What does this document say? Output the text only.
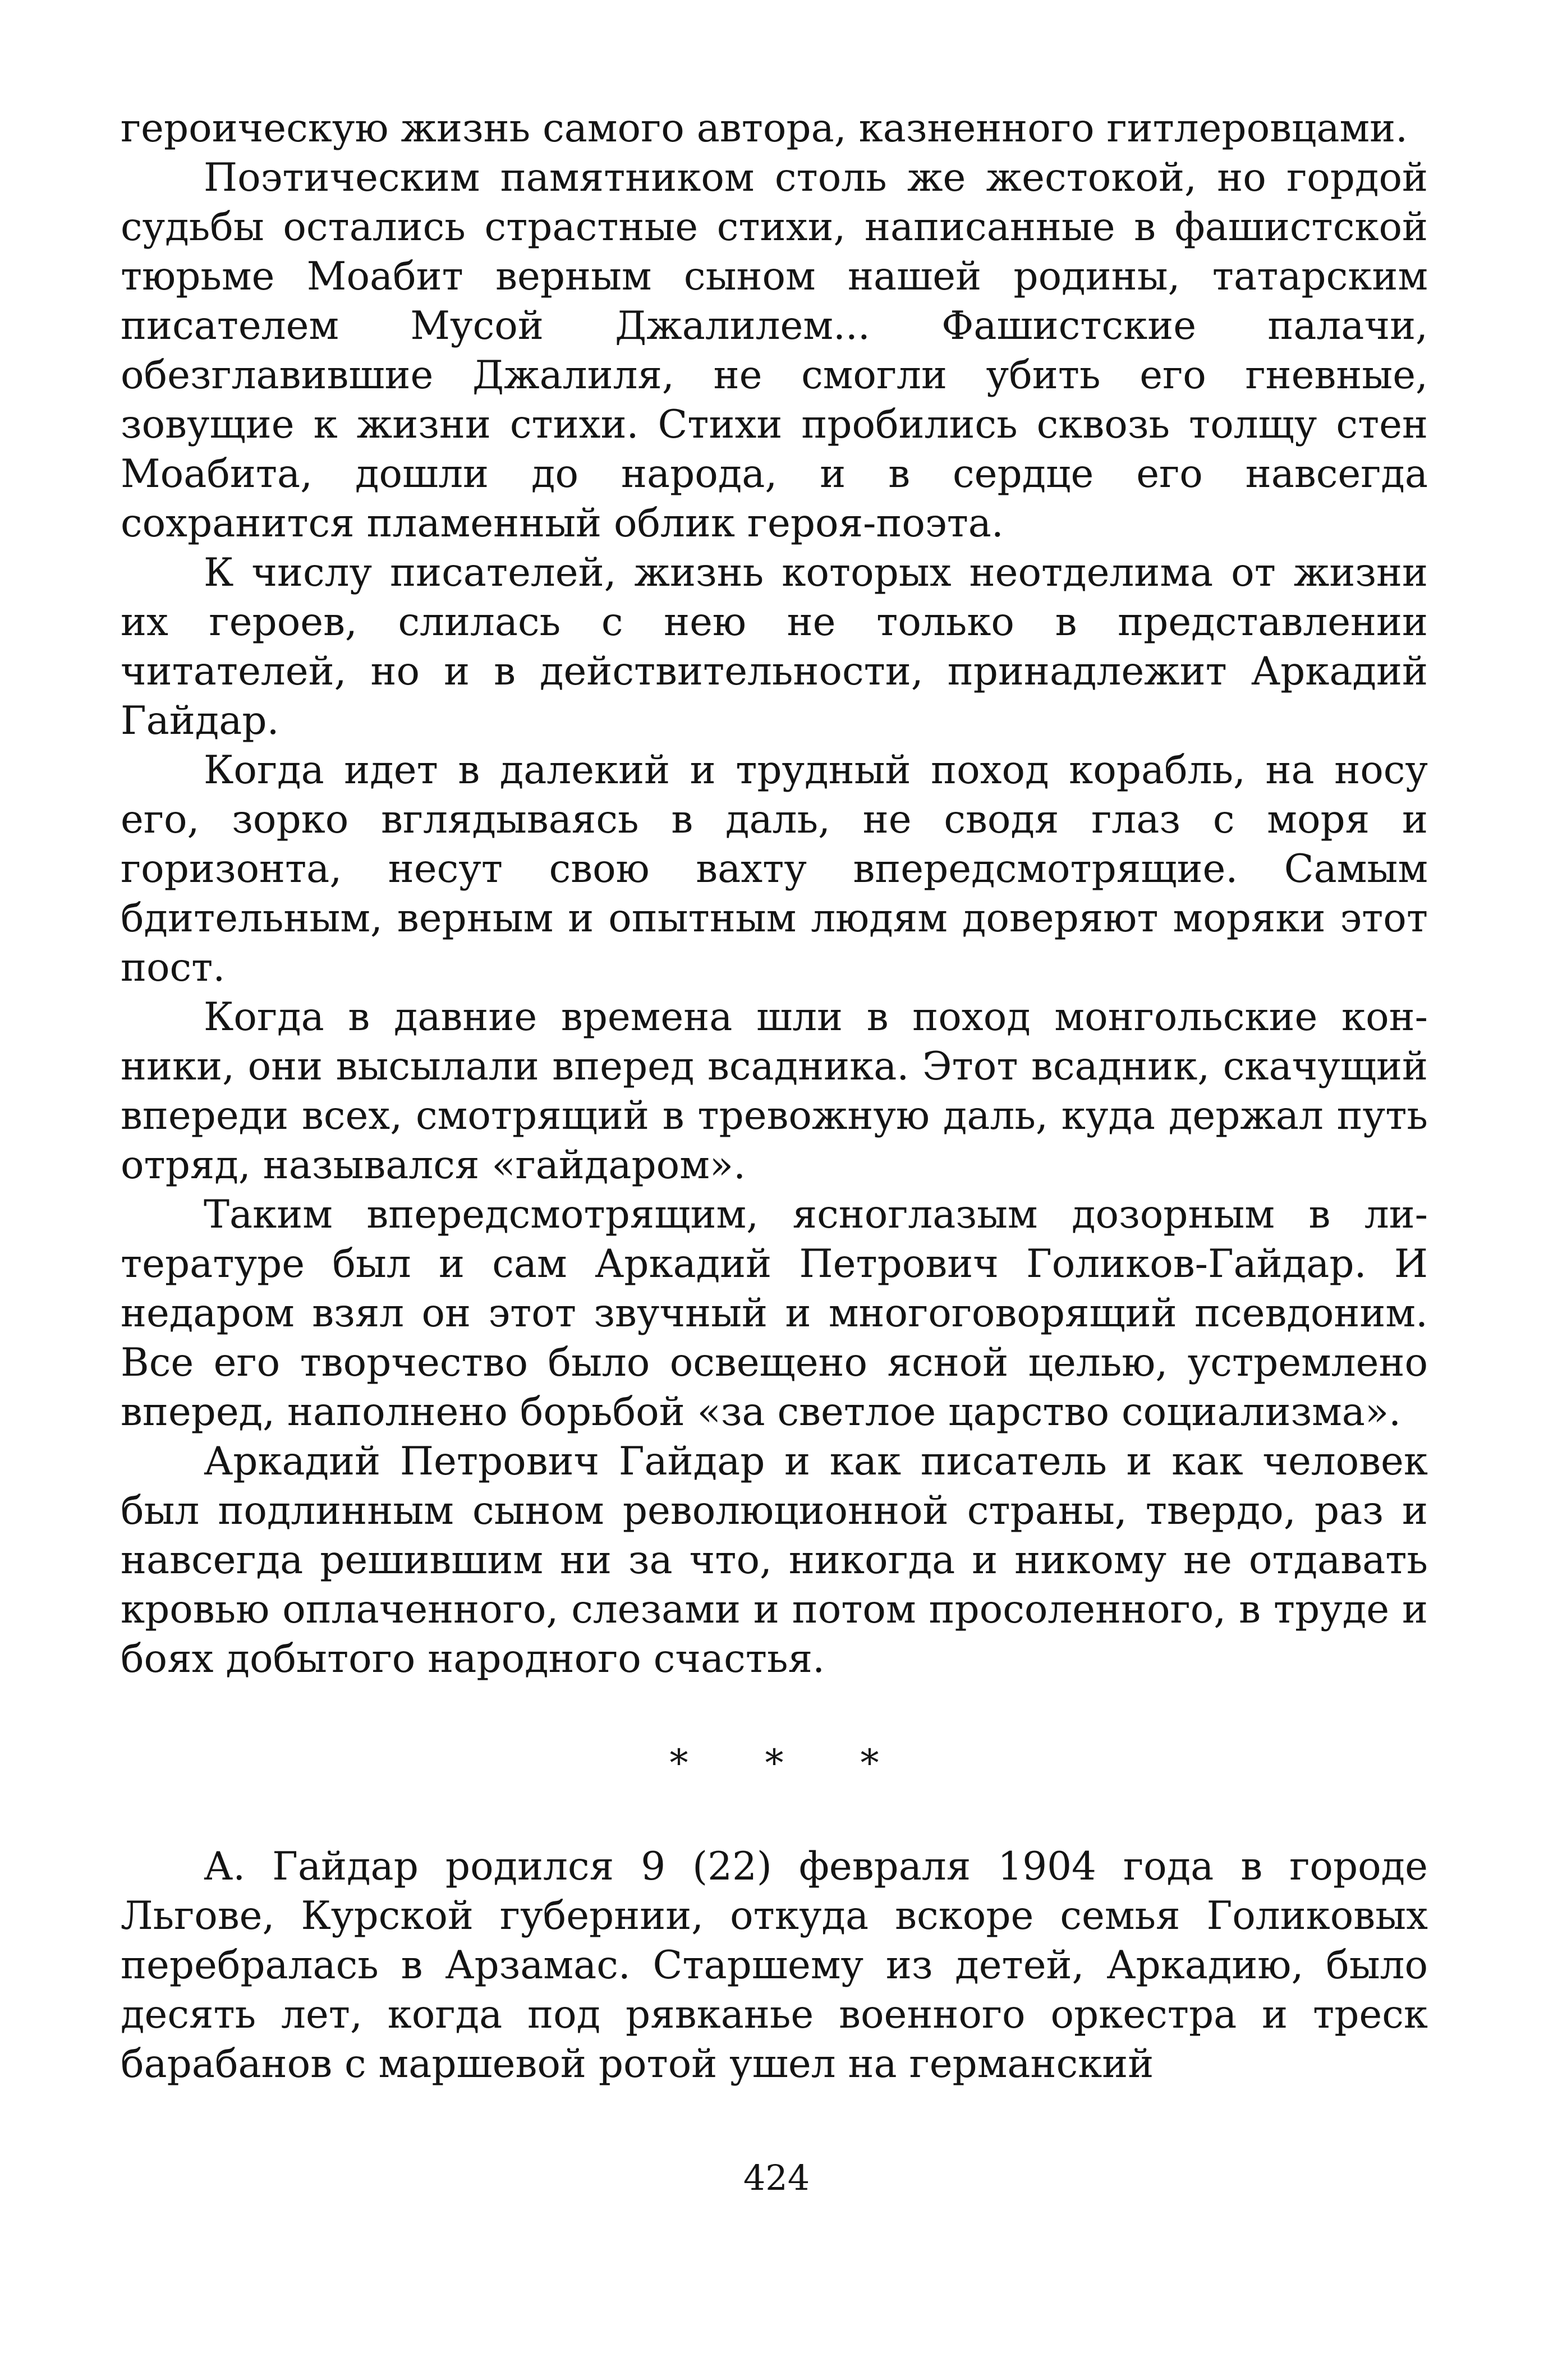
героическую жизнь самого автора, казненного гитлеровцами.

Поэтическим памятником столь же жестокой, но гордой судьбы остались страстные стихи, написанные в фашистской тюрьме Моабит верным сыном нашей родины, татарским писателем Мусой Джалилем... Фашистские палачи, обезглавившие Джалиля, не смогли убить его гневные, зовущие к жизни стихи. Стихи пробились сквозь толщу стен Моабита, дошли до народа, и в сердце его навсегда сохранится пламенный облик героя-поэта.

К числу писателей, жизнь которых неотделима от жизни их героев, слилась с нею не только в представлении читателей, но и в действительности, принадлежит Аркадий Гайдар.

Когда идет в далекий и трудный поход корабль, на носу его, зорко вглядываясь в даль, не сводя глаз с моря и горизонта, несут свою вахту впередсмотрящие. Самым бдительным, верным и опытным людям доверяют моряки этот пост.

Когда в давние времена шли в поход монгольские конники, они высылали вперед всадника. Этот всадник, скачущий впереди всех, смотрящий в тревожную даль, куда держал путь отряд, назывался «гайдаром».

Таким впередсмотрящим, ясноглазым дозорным в литературе был и сам Аркадий Петрович Голиков-Гайдар. И недаром взял он этот звучный и многоговорящий псевдоним. Все его творчество было освещено ясной целью, устремлено вперед, наполнено борьбой «за светлое царство социализма».

Аркадий Петрович Гайдар и как писатель и как человек был подлинным сыном революционной страны, твердо, раз и навсегда решившим ни за что, никогда и никому не отдавать кровью оплаченного, слезами и потом просоленного, в труде и боях добытого народного счастья.

* * *

А. Гайдар родился 9 (22) февраля 1904 года в городе Льгове, Курской губернии, откуда вскоре семья Голиковых перебралась в Арзамас. Старшему из детей, Аркадию, было десять лет, когда под рявканье военного оркестра и треск барабанов с маршевой ротой ушел на германский

424
